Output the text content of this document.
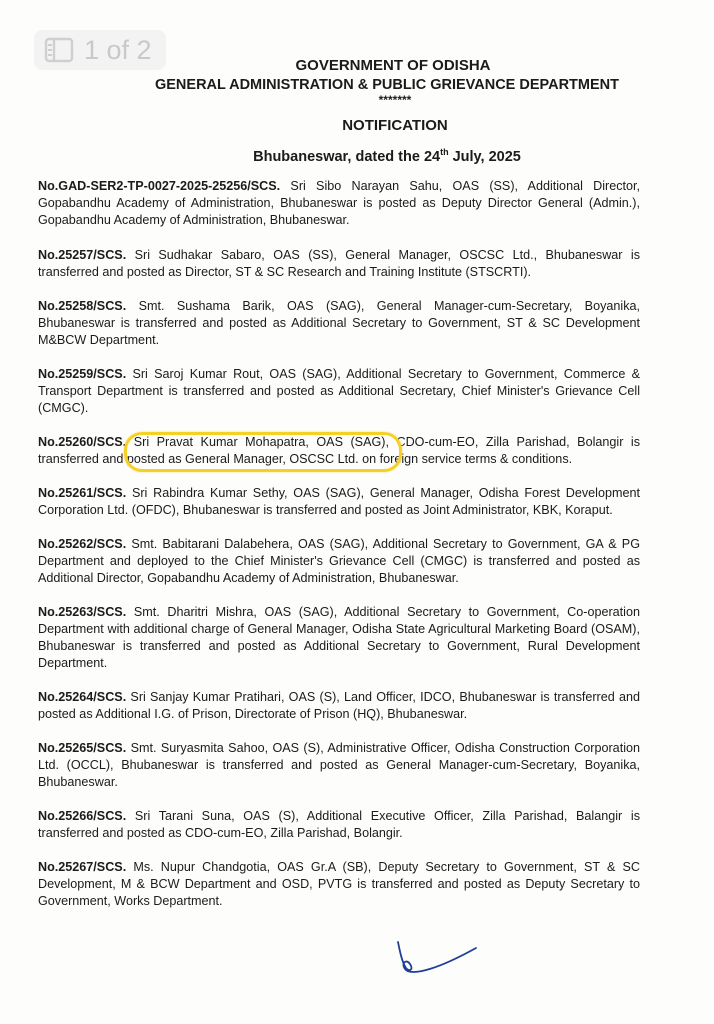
1 of 2
GOVERNMENT OF ODISHA
GENERAL ADMINISTRATION & PUBLIC GRIEVANCE DEPARTMENT
*******
NOTIFICATION
Bhubaneswar, dated the 24th July, 2025

No.GAD-SER2-TP-0027-2025-25256/SCS. Sri Sibo Narayan Sahu, OAS (SS), Additional Director, Gopabandhu Academy of Administration, Bhubaneswar is posted as Deputy Director General (Admin.), Gopabandhu Academy of Administration, Bhubaneswar.

No.25257/SCS. Sri Sudhakar Sabaro, OAS (SS), General Manager, OSCSC Ltd., Bhubaneswar is transferred and posted as Director, ST & SC Research and Training Institute (STSCRTI).

No.25258/SCS. Smt. Sushama Barik, OAS (SAG), General Manager-cum-Secretary, Boyanika, Bhubaneswar is transferred and posted as Additional Secretary to Government, ST & SC Development M&BCW Department.

No.25259/SCS. Sri Saroj Kumar Rout, OAS (SAG), Additional Secretary to Government, Commerce & Transport Department is transferred and posted as Additional Secretary, Chief Minister's Grievance Cell (CMGC).

No.25260/SCS. Sri Pravat Kumar Mohapatra, OAS (SAG), CDO-cum-EO, Zilla Parishad, Bolangir is transferred and posted as General Manager, OSCSC Ltd. on foreign service terms & conditions.

No.25261/SCS. Sri Rabindra Kumar Sethy, OAS (SAG), General Manager, Odisha Forest Development Corporation Ltd. (OFDC), Bhubaneswar is transferred and posted as Joint Administrator, KBK, Koraput.

No.25262/SCS. Smt. Babitarani Dalabehera, OAS (SAG), Additional Secretary to Government, GA & PG Department and deployed to the Chief Minister's Grievance Cell (CMGC) is transferred and posted as Additional Director, Gopabandhu Academy of Administration, Bhubaneswar.

No.25263/SCS. Smt. Dharitri Mishra, OAS (SAG), Additional Secretary to Government, Co-operation Department with additional charge of General Manager, Odisha State Agricultural Marketing Board (OSAM), Bhubaneswar is transferred and posted as Additional Secretary to Government, Rural Development Department.

No.25264/SCS. Sri Sanjay Kumar Pratihari, OAS (S), Land Officer, IDCO, Bhubaneswar is transferred and posted as Additional I.G. of Prison, Directorate of Prison (HQ), Bhubaneswar.

No.25265/SCS. Smt. Suryasmita Sahoo, OAS (S), Administrative Officer, Odisha Construction Corporation Ltd. (OCCL), Bhubaneswar is transferred and posted as General Manager-cum-Secretary, Boyanika, Bhubaneswar.

No.25266/SCS. Sri Tarani Suna, OAS (S), Additional Executive Officer, Zilla Parishad, Balangir is transferred and posted as CDO-cum-EO, Zilla Parishad, Bolangir.

No.25267/SCS. Ms. Nupur Chandgotia, OAS Gr.A (SB), Deputy Secretary to Government, ST & SC Development, M & BCW Department and OSD, PVTG is transferred and posted as Deputy Secretary to Government, Works Department.
